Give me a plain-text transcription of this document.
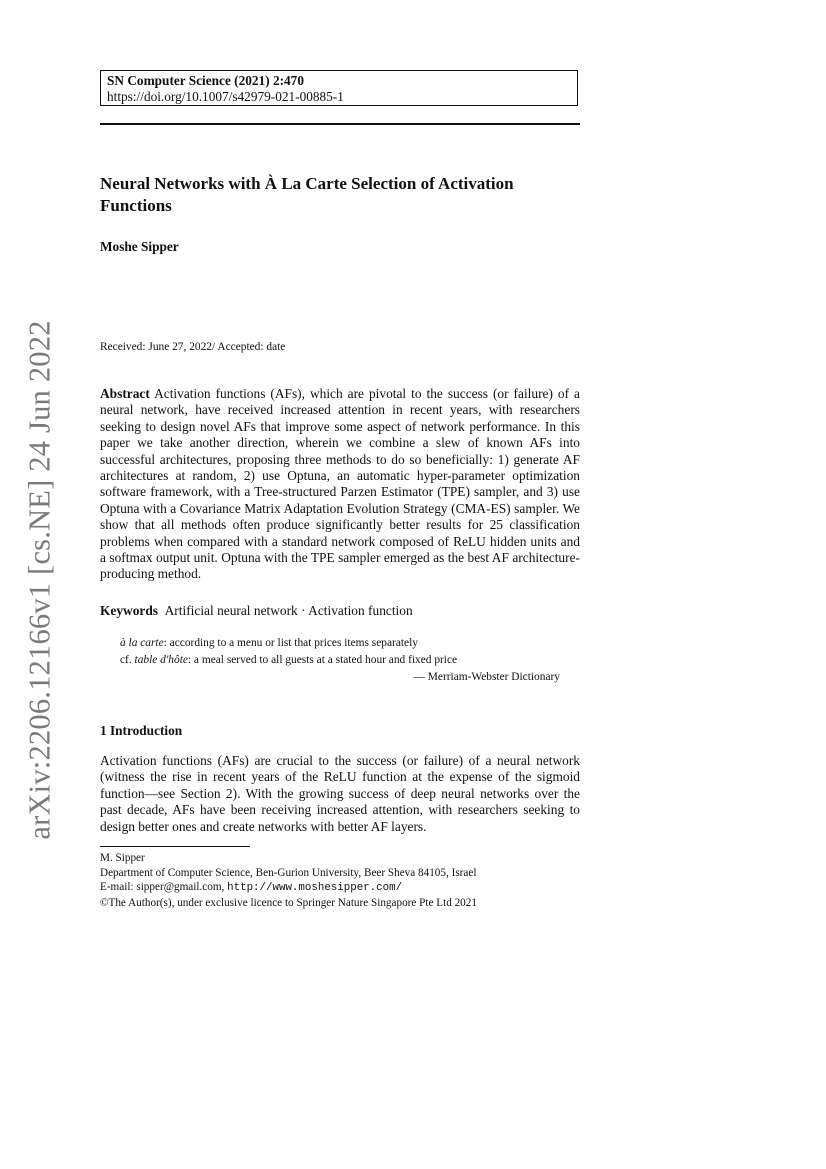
arXiv:2206.12166v1 [cs.NE] 24 Jun 2022
SN Computer Science (2021) 2:470
https://doi.org/10.1007/s42979-021-00885-1
Neural Networks with À La Carte Selection of Activation
Functions
Moshe Sipper
Received: June 27, 2022/ Accepted: date
Abstract Activation functions (AFs), which are pivotal to the success (or failure) of a neural network, have received increased attention in recent years, with researchers seeking to design novel AFs that improve some aspect of network performance. In this paper we take another direction, wherein we combine a slew of known AFs into successful architectures, proposing three methods to do so beneficially: 1) generate AF architectures at random, 2) use Optuna, an automatic hyper-parameter optimization software framework, with a Tree-structured Parzen Estimator (TPE) sampler, and 3) use Optuna with a Covariance Matrix Adaptation Evolution Strategy (CMA-ES) sampler. We show that all methods often produce significantly better results for 25 classification problems when compared with a standard network composed of ReLU hidden units and a softmax output unit. Optuna with the TPE sampler emerged as the best AF architecture-producing method.
Keywords Artificial neural network · Activation function
à la carte: according to a menu or list that prices items separately
cf. table d'hôte: a meal served to all guests at a stated hour and fixed price
— Merriam-Webster Dictionary
1 Introduction
Activation functions (AFs) are crucial to the success (or failure) of a neural network (witness the rise in recent years of the ReLU function at the expense of the sigmoid function—see Section 2). With the growing success of deep neural networks over the past decade, AFs have been receiving increased attention, with researchers seeking to design better ones and create networks with better AF layers.
M. Sipper
Department of Computer Science, Ben-Gurion University, Beer Sheva 84105, Israel
E-mail: sipper@gmail.com, http://www.moshesipper.com/
©The Author(s), under exclusive licence to Springer Nature Singapore Pte Ltd 2021
